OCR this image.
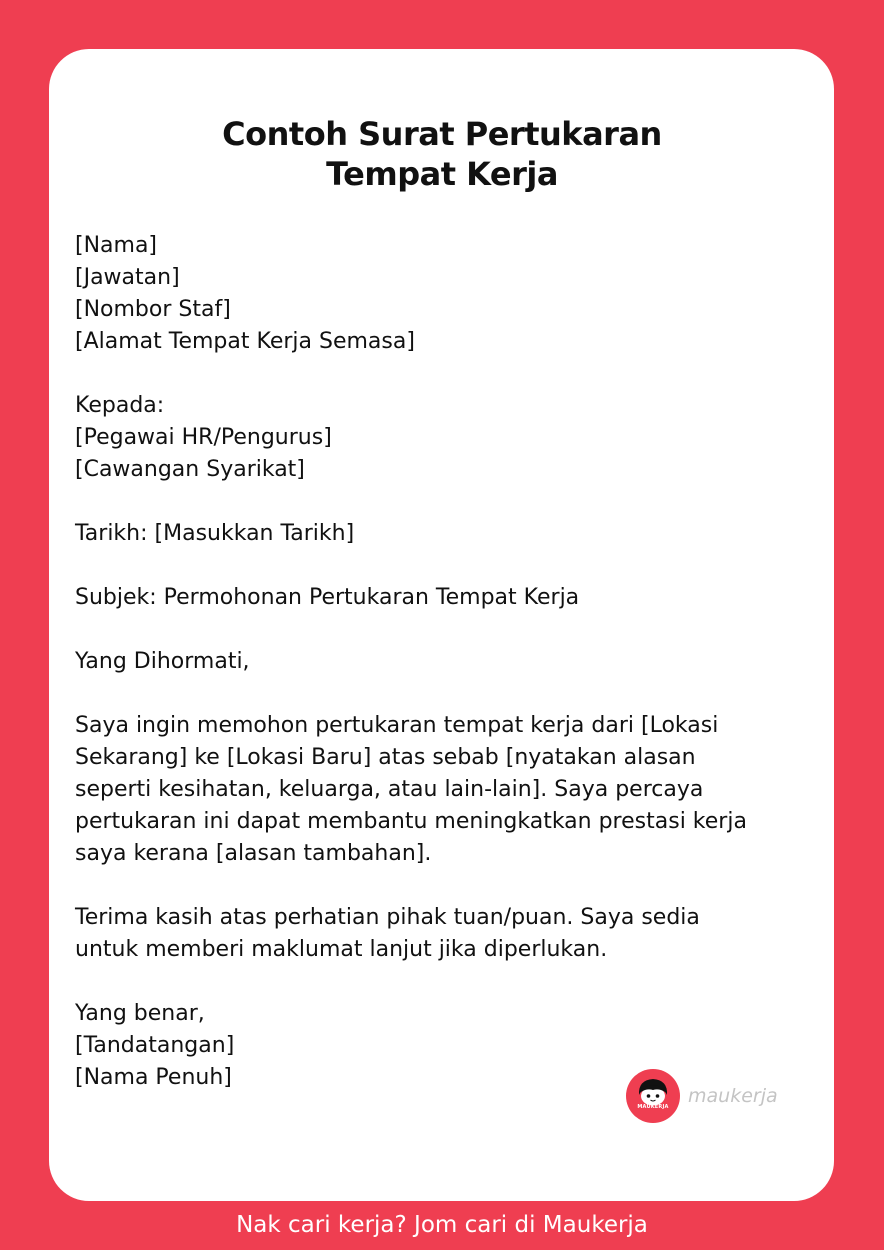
Contoh Surat Pertukaran
Tempat Kerja
[Nama]
[Jawatan]
[Nombor Staf]
[Alamat Tempat Kerja Semasa]
Kepada:
[Pegawai HR/Pengurus]
[Cawangan Syarikat]
Tarikh: [Masukkan Tarikh]
Subjek: Permohonan Pertukaran Tempat Kerja
Yang Dihormati,
Saya ingin memohon pertukaran tempat kerja dari [Lokasi
Sekarang] ke [Lokasi Baru] atas sebab [nyatakan alasan
seperti kesihatan, keluarga, atau lain-lain]. Saya percaya
pertukaran ini dapat membantu meningkatkan prestasi kerja
saya kerana [alasan tambahan].
Terima kasih atas perhatian pihak tuan/puan. Saya sedia
untuk memberi maklumat lanjut jika diperlukan.
Yang benar,
[Tandatangan]
[Nama Penuh]
MAUKERJA	maukerja
Nak cari kerja? Jom cari di Maukerja
